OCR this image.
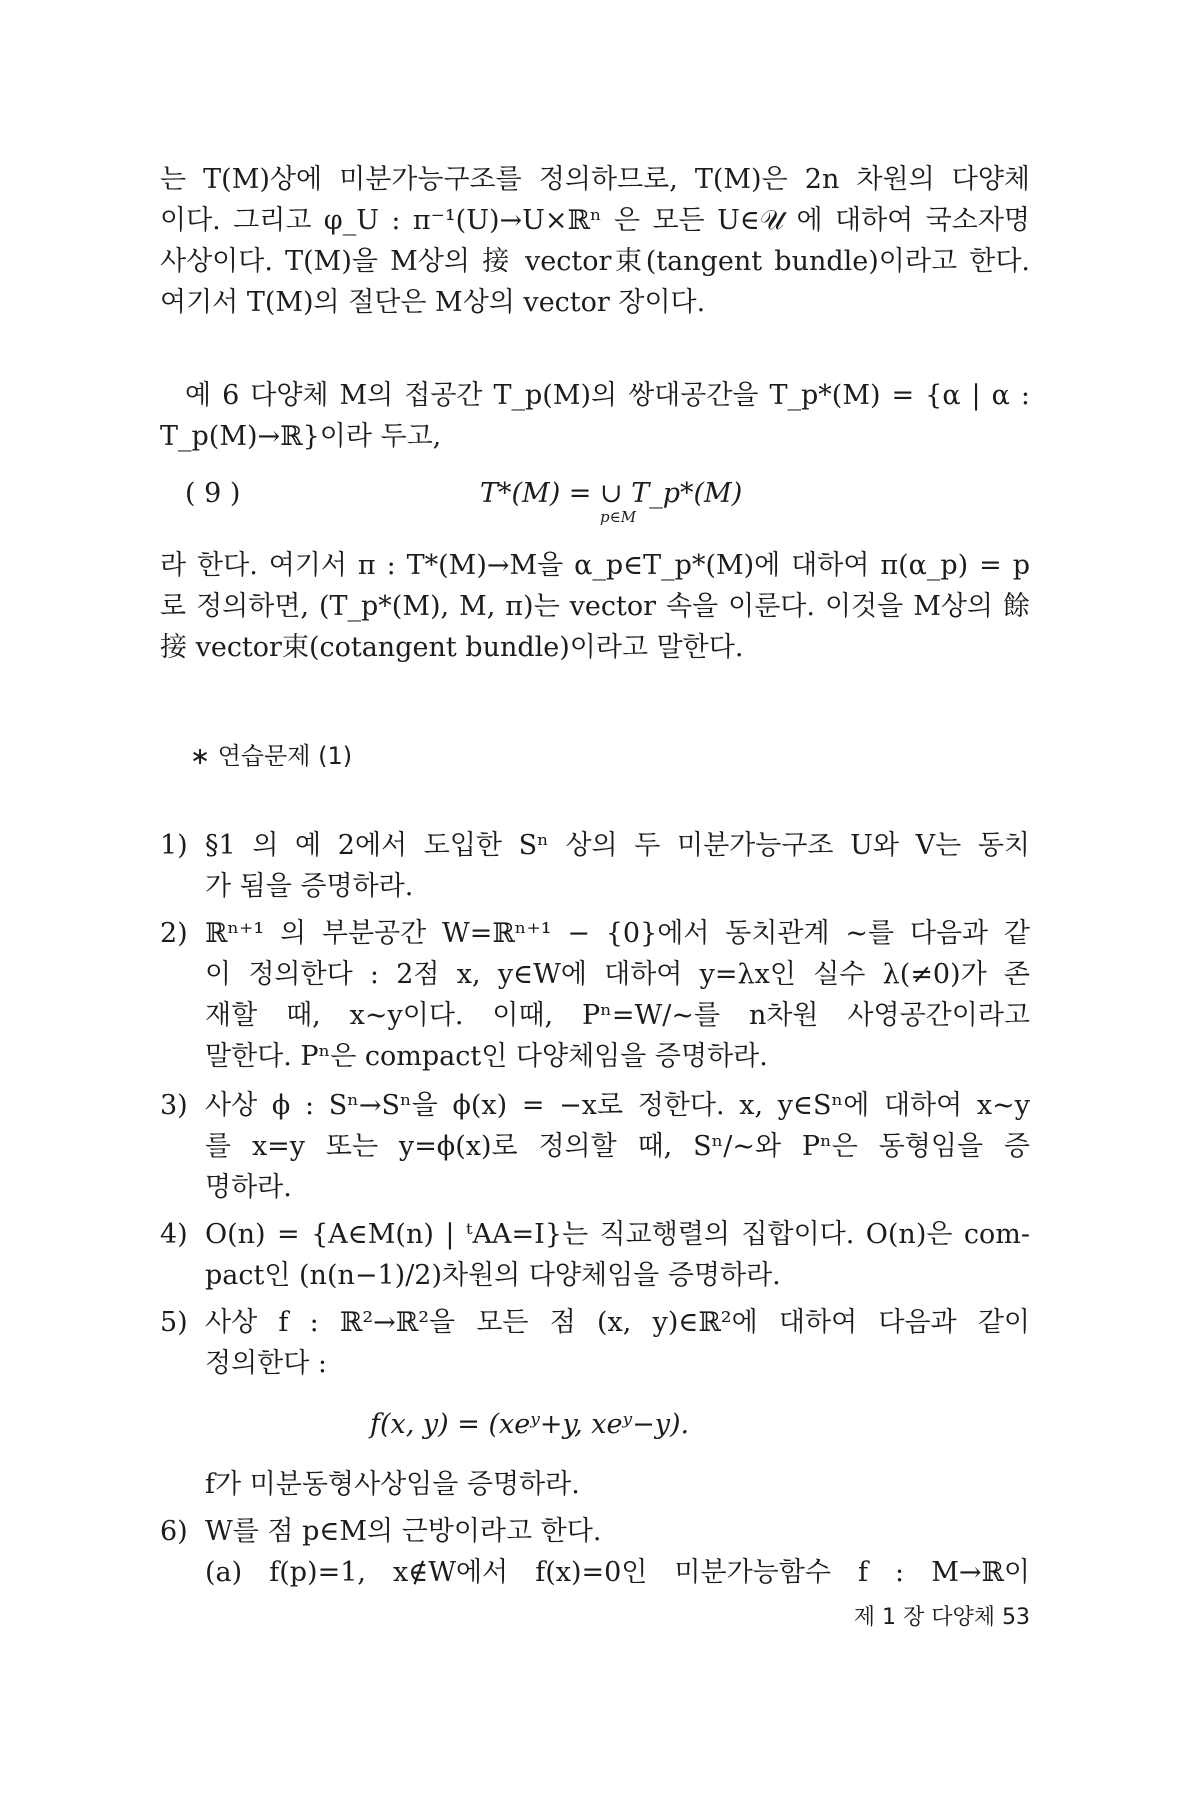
는 T(M)상에 미분가능구조를 정의하므로, T(M)은 2n 차원의 다양체
이다. 그리고 φ_U : π⁻¹(U)→U×ℝⁿ 은 모든 U∈𝒰 에 대하여 국소자명
사상이다. T(M)을 M상의 接 vector束(tangent bundle)이라고 한다.
여기서 T(M)의 절단은 M상의 vector 장이다.
예 6 다양체 M의 접공간 T_p(M)의 쌍대공간을 T_p*(M) = {α | α :
T_p(M)→ℝ}이라 두고,
( 9 )	T*(M) = ∪ T_p*(M)
p∈M
라 한다. 여기서 π : T*(M)→M을 α_p∈T_p*(M)에 대하여 π(α_p) = p
로 정의하면, (T_p*(M), M, π)는 vector 속을 이룬다. 이것을 M상의 餘
接 vector束(cotangent bundle)이라고 말한다.
∗ 연습문제 (1)
1) §1 의 예 2에서 도입한 Sⁿ 상의 두 미분가능구조 U와 V는 동치
가 됨을 증명하라.
2) ℝⁿ⁺¹ 의 부분공간 W=ℝⁿ⁺¹ − {0}에서 동치관계 ∼를 다음과 같
이 정의한다 : 2점 x, y∈W에 대하여 y=λx인 실수 λ(≠0)가 존
재할 때, x∼y이다. 이때, Pⁿ=W/∼를 n차원 사영공간이라고
말한다. Pⁿ은 compact인 다양체임을 증명하라.
3) 사상 ϕ : Sⁿ→Sⁿ을 ϕ(x) = −x로 정한다. x, y∈Sⁿ에 대하여 x∼y
를 x=y 또는 y=ϕ(x)로 정의할 때, Sⁿ/∼와 Pⁿ은 동형임을 증
명하라.
4) O(n) = {A∈M(n) | ᵗAA=I}는 직교행렬의 집합이다. O(n)은 com-
pact인 (n(n−1)/2)차원의 다양체임을 증명하라.
5) 사상 f : ℝ²→ℝ²을 모든 점 (x, y)∈ℝ²에 대하여 다음과 같이
정의한다 :
f(x, y) = (xeʸ+y, xeʸ−y).
f가 미분동형사상임을 증명하라.
6) W를 점 p∈M의 근방이라고 한다.
(a) f(p)=1, x∉W에서 f(x)=0인 미분가능함수 f : M→ℝ이
제 1 장 다양체 53
